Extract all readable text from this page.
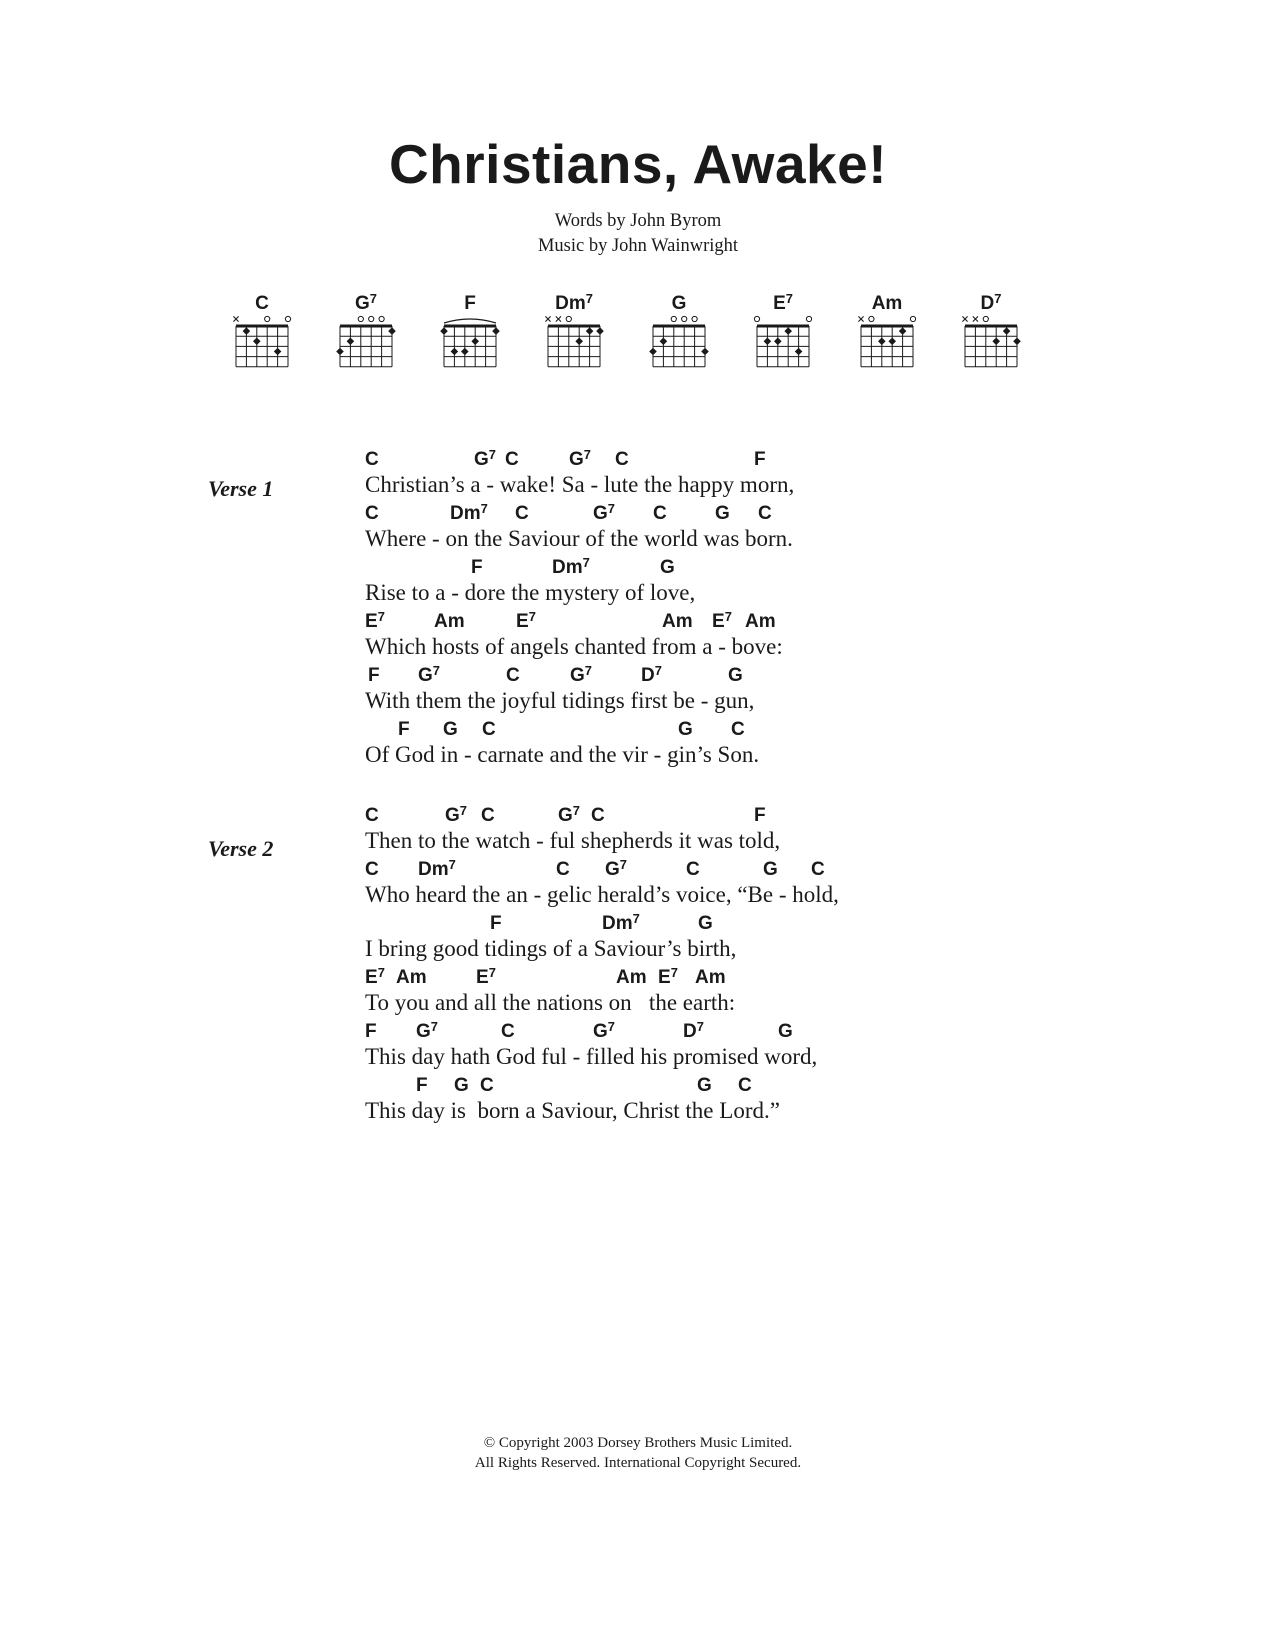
Christians, Awake!
Words by John Byrom
Music by John Wainwright
C	$G^7$	F	Dm$^7$	G	$E^7$	Am	$D^7$
Verse 1
C	$G^7$ C	$G^7$ C	F
Christian’s a - wake! Sa - lute the happy morn,
C	Dm$^7$ C	$G^7$ C	G C
Where - on the Saviour of the world was born.
F	Dm$^7$	G
Rise to a - dore the mystery of love,
$E^7$	Am	$E^7$	Am $E^7$ Am
Which hosts of angels chanted from a - bove:
F $G^7$	C	$G^7$	$D^7$	G
With them the joyful tidings first be - gun,
F G C	G C
Of God in - carnate and the vir - gin’s Son.
Verse 2
C	$G^7$ C	$G^7$ C	F
Then to the watch - ful shepherds it was told,
C Dm$^7$	C $G^7$	C	G C
Who heard the an - gelic herald’s voice, “Be - hold,
F	Dm$^7$	G
I bring good tidings of a Saviour’s birth,
$E^7$ Am	$E^7$	Am $E^7$ Am
To you and all the nations on   the earth:
F $G^7$	C	$G^7$	$D^7$	G
This day hath God ful - filled his promised word,
F G C	G C
This day is  born a Saviour, Christ the Lord.”
© Copyright 2003 Dorsey Brothers Music Limited.
All Rights Reserved. International Copyright Secured.
